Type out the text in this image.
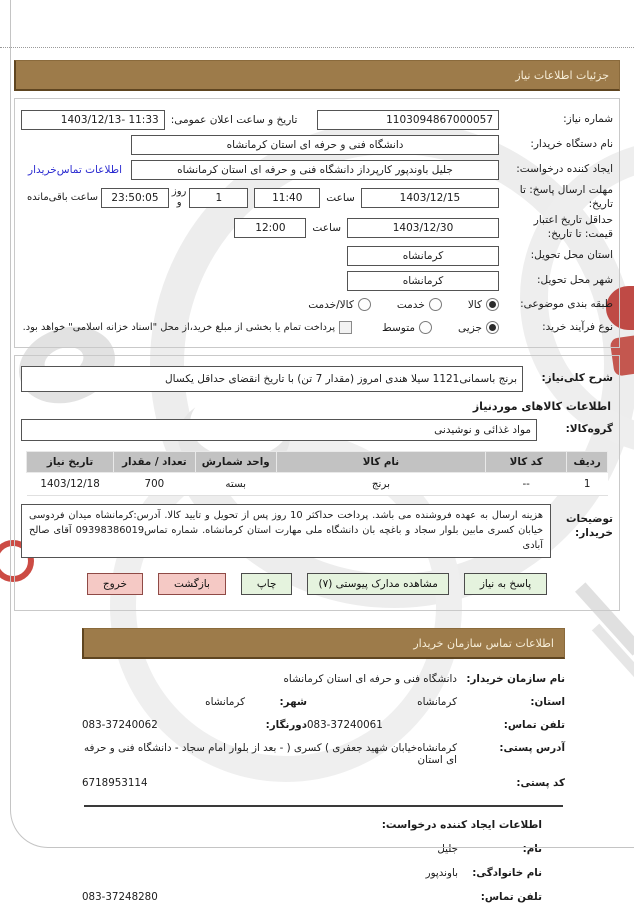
جزئیات اطلاعات نیاز
شماره نیاز:
1103094867000057
تاریخ و ساعت اعلان عمومی:
1403/12/13- 11:33
نام دستگاه خریدار:
دانشگاه فنی و حرفه ای استان کرمانشاه
ایجاد کننده درخواست:
جلیل باوندپور کارپرداز دانشگاه فنی و حرفه ای استان کرمانشاه
اطلاعات تماس‌خریدار
مهلت ارسال پاسخ: تا تاریخ:
1403/12/15
ساعت
11:40
1
روز
و
23:50:05
ساعت باقی‌مانده
حداقل تاریخ اعتبار قیمت: تا تاریخ:
1403/12/30
ساعت
12:00
استان محل تحویل:
کرمانشاه
شهر محل تحویل:
کرمانشاه
طبقه بندی موضوعی:
کالا
خدمت
کالا/خدمت
نوع فرآیند خرید:
جزیی
متوسط
پرداخت تمام یا بخشی از مبلغ خرید،از محل "اسناد خزانه اسلامی" خواهد بود.
شرح کلی‌نیاز:
برنج باسمانی1121 سیلا هندی امروز (مقدار 7 تن) با تاریخ انقضای حداقل یکسال
اطلاعات کالاهای موردنیاز
گروه‌کالا:
مواد غذائی و نوشیدنی
ردیف	کد کالا	نام کالا	واحد شمارش	تعداد / مقدار	تاریخ نیاز
1	--	برنج	بسته	700	1403/12/18
توضیحات خریدار:
هزینه ارسال به عهده فروشنده می باشد. پرداخت حداکثر 10 روز پس از تحویل و تایید کالا. آدرس:کرمانشاه میدان فردوسی خیابان کسری مابین بلوار سجاد و باغچه بان دانشگاه ملی مهارت استان کرمانشاه. شماره تماس09398386019 آقای صالح آبادی
پاسخ به نیاز
مشاهده مدارک پیوستی (۷)
چاپ
بازگشت
خروج
اطلاعات تماس سازمان خریدار
نام سازمان خریدار:
دانشگاه فنی و حرفه ای استان کرمانشاه
استان:
کرمانشاه
شهر:
کرمانشاه
تلفن تماس:
083-37240061
دورنگار:
083-37240062
آدرس پستی:
کرمانشاه‌خیابان شهید جعفری ) کسری ( - بعد از بلوار امام سجاد - دانشگاه فنی و حرفه ای استان
کد پستی:
6718953114
اطلاعات ایجاد کننده درخواست:
نام:
جلیل
نام خانوادگی:
باوندپور
تلفن تماس:
083-37248280
